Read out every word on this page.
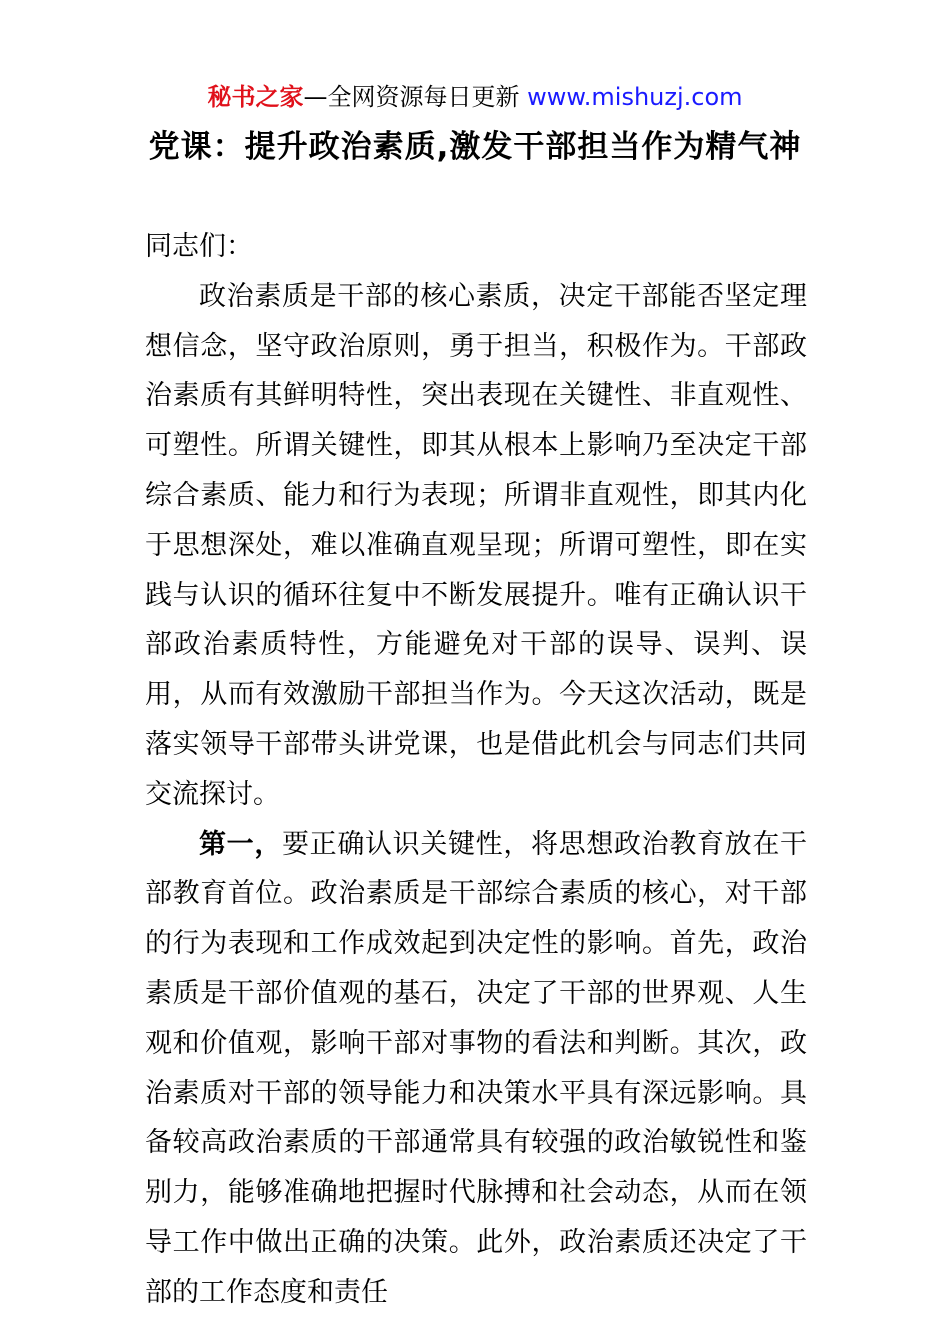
秘书之家—全网资源每日更新 www.mishuzj.com
党课：提升政治素质,激发干部担当作为精气神

同志们：

政治素质是干部的核心素质，决定干部能否坚定理想信念，坚守政治原则，勇于担当，积极作为。干部政治素质有其鲜明特性，突出表现在关键性、非直观性、可塑性。所谓关键性，即其从根本上影响乃至决定干部综合素质、能力和行为表现；所谓非直观性，即其内化于思想深处，难以准确直观呈现；所谓可塑性，即在实践与认识的循环往复中不断发展提升。唯有正确认识干部政治素质特性，方能避免对干部的误导、误判、误用，从而有效激励干部担当作为。今天这次活动，既是落实领导干部带头讲党课，也是借此机会与同志们共同交流探讨。

第一，要正确认识关键性，将思想政治教育放在干部教育首位。政治素质是干部综合素质的核心，对干部的行为表现和工作成效起到决定性的影响。首先，政治素质是干部价值观的基石，决定了干部的世界观、人生观和价值观，影响干部对事物的看法和判断。其次，政治素质对干部的领导能力和决策水平具有深远影响。具备较高政治素质的干部通常具有较强的政治敏锐性和鉴别力，能够准确地把握时代脉搏和社会动态，从而在领导工作中做出正确的决策。此外，政治素质还决定了干部的工作态度和责任
